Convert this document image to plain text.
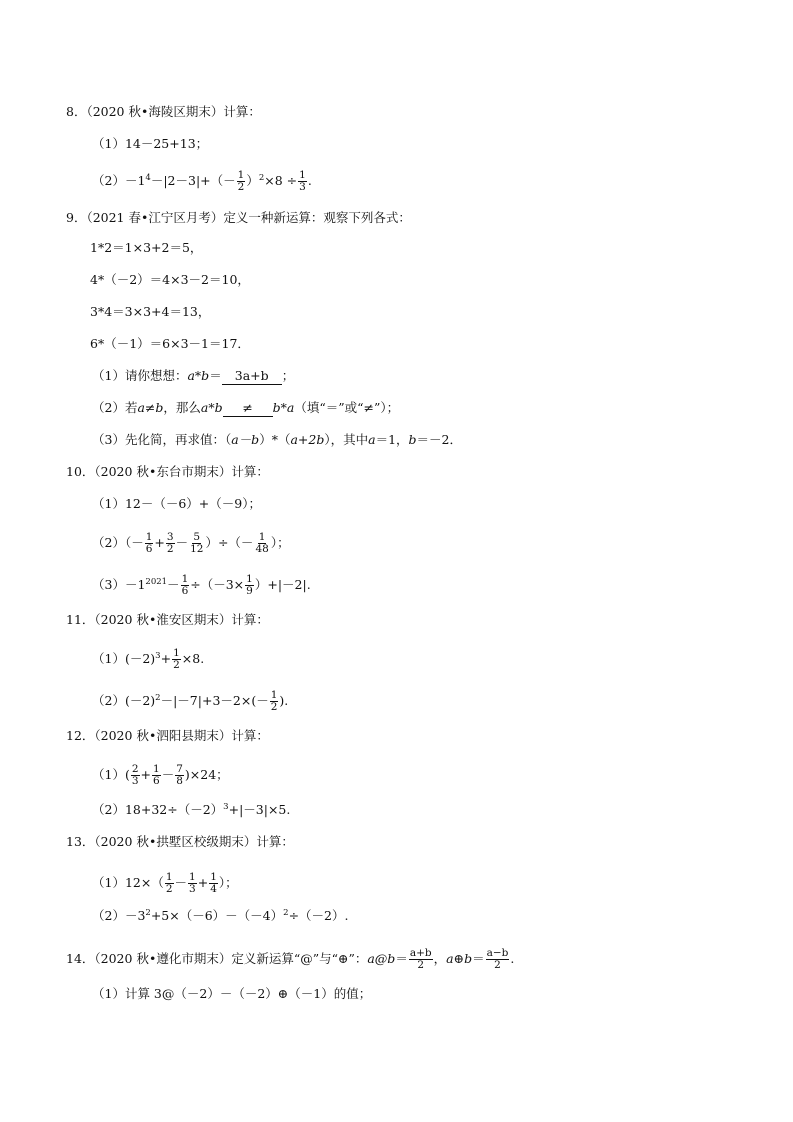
8．（2020 秋•海陵区期末）计算：
（1）14－25+13；
$(2)-1^4-|2-3|+(- \frac{1}{2} )^2\times 8 \div \frac{1}{3}$ .
9．（2021 春•江宁区月考）定义一种新运算：观察下列各式：
1*2＝1×3+2＝5，
4*（－2）＝4×3－2＝10，
3*4＝3×3+4＝13，
6*（－1）＝6×3－1＝17．
（1）请你想想：a*b＝ 3a+b ；
（2）若a≠b，那么a*b ≠ b*a（填“＝”或“≠”）；
（3）先化简，再求值：（a－b）*（a+2b），其中a＝1，b＝－2．
10．（2020 秋•东台市期末）计算：
（1）12－（－6）+（－9）；
$(2)(- \frac{1}{6} + \frac{3}{2} - \frac{5}{12}$ ）÷（－ $\frac{1}{48}$ ）；
$(3)-1^{2021}- \frac{1}{6} \div(-3\times \frac{1}{9} )+|-2|$.
11．（2020 秋•淮安区期末）计算：
$(1)(-2)^3+ \frac{1}{2} \times 8$.
$(2)(-2)^2-|-7|+3-2\times(- \frac{1}{2}$ ).
12．（2020 秋•泗阳县期末）计算：
$(1)( \frac{2}{3} + \frac{1}{6} - \frac{7}{8} )\times 24$；
$(2)18+32\div(-2)^3+|-3|\times 5$.
13．（2020 秋•拱墅区校级期末）计算：
$(1)12\times( \frac{1}{2} - \frac{1}{3} + \frac{1}{4}$ ）；
$(2)-3^2+5\times(-6)-(-4)^2\div(-2)$.
14．（2020 秋•遵化市期末）定义新运算“@”与“⊕”：a@b＝ $\frac{a+b}{2}$ ，a⊕b＝ $\frac{a-b}{2}$ .
（1）计算 3@（－2）－（－2）⊕（－1）的值；
